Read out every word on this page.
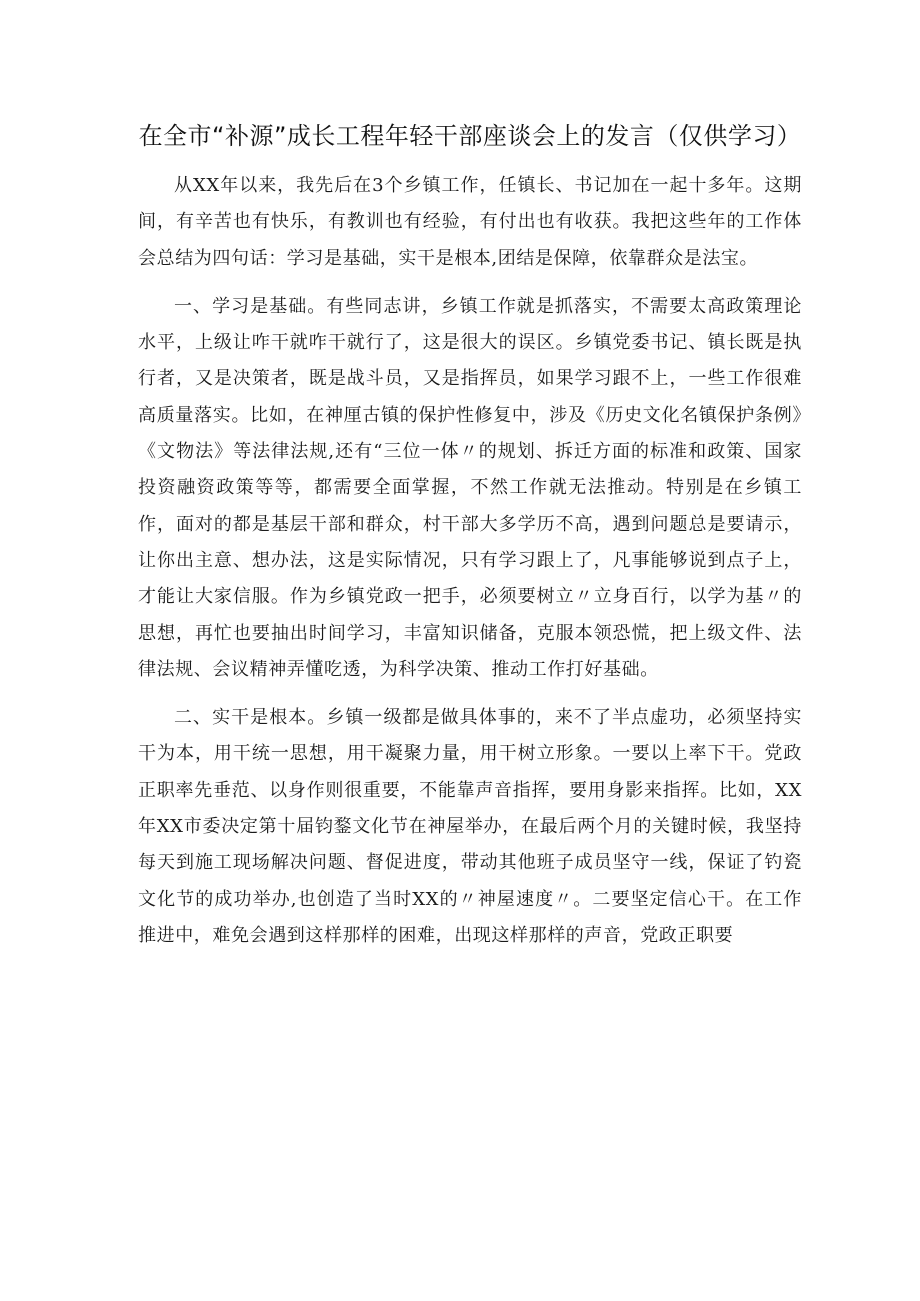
在全市“补源”成长工程年轻干部座谈会上的发言（仅供学习）

从XX年以来，我先后在3个乡镇工作，任镇长、书记加在一起十多年。这期间，有辛苦也有快乐，有教训也有经验，有付出也有收获。我把这些年的工作体会总结为四句话：学习是基础，实干是根本,团结是保障，依靠群众是法宝。

一、学习是基础。有些同志讲，乡镇工作就是抓落实，不需要太高政策理论水平，上级让咋干就咋干就行了，这是很大的误区。乡镇党委书记、镇长既是执行者，又是决策者，既是战斗员，又是指挥员，如果学习跟不上，一些工作很难高质量落实。比如，在神厘古镇的保护性修复中，涉及《历史文化名镇保护条例》《文物法》等法律法规,还有“三位一体〃的规划、拆迁方面的标准和政策、国家投资融资政策等等，都需要全面掌握，不然工作就无法推动。特别是在乡镇工作，面对的都是基层干部和群众，村干部大多学历不高，遇到问题总是要请示，让你出主意、想办法，这是实际情况，只有学习跟上了，凡事能够说到点子上，才能让大家信服。作为乡镇党政一把手，必须要树立〃立身百行，以学为基〃的思想，再忙也要抽出时间学习，丰富知识储备，克服本领恐慌，把上级文件、法律法规、会议精神弄懂吃透，为科学决策、推动工作打好基础。

二、实干是根本。乡镇一级都是做具体事的，来不了半点虚功，必须坚持实干为本，用干统一思想，用干凝聚力量，用干树立形象。一要以上率下干。党政正职率先垂范、以身作则很重要，不能靠声音指挥，要用身影来指挥。比如，XX年XX市委决定第十届钧鍪文化节在神屋举办，在最后两个月的关键时候，我坚持每天到施工现场解决问题、督促进度，带动其他班子成员坚守一线，保证了钓瓷文化节的成功举办,也创造了当时XX的〃神屋速度〃。二要坚定信心干。在工作推进中，难免会遇到这样那样的困难，出现这样那样的声音，党政正职要
